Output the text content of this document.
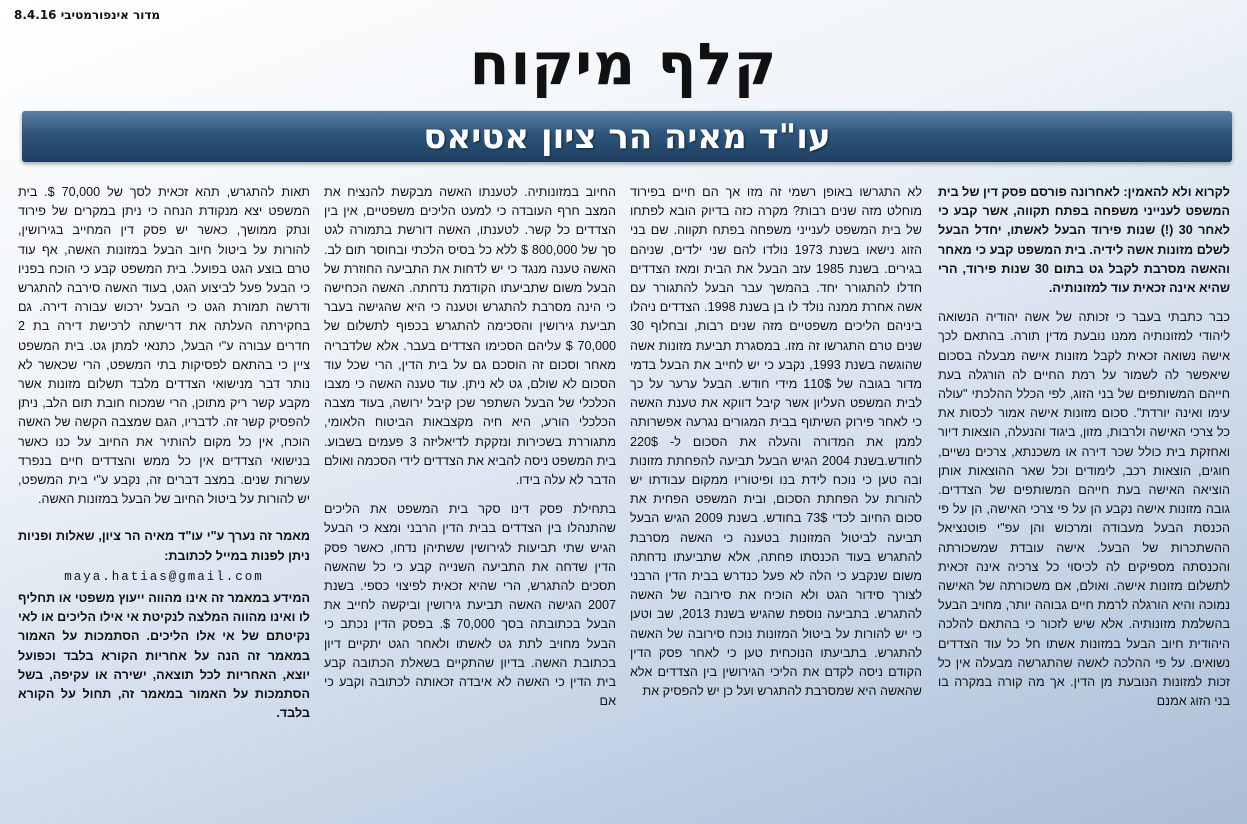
מדור אינפורמטיבי 8.4.16
קלף מיקוח
עו"ד מאיה הר ציון אטיאס

לקרוא ולא להאמין: לאחרונה פורסם פסק דין של בית המשפט לענייני משפחה בפתח תקווה, אשר קבע כי לאחר 30 (!) שנות פירוד הבעל לאשתו, יחדל הבעל לשלם מזונות אשה לידיה. בית המשפט קבע כי מאחר והאשה מסרבת לקבל גט בתום 30 שנות פירוד, הרי שהיא אינה זכאית עוד למזונותיה.

כבר כתבתי בעבר כי זכותה של אשה יהודיה הנשואה ליהודי למזונותיה ממנו נובעת מדין תורה. בהתאם לכך אישה נשואה זכאית לקבל מזונות אישה מבעלה בסכום שיאפשר לה לשמור על רמת החיים לה הורגלה בעת חייהם המשותפים של בני הזוג, לפי הכלל ההלכתי "עולה עימו ואינה יורדת". סכום מזונות אישה אמור לכסות את כל צרכי האישה ולרבות, מזון, ביגוד והנעלה, הוצאות דיור ואחזקת בית כולל שכר דירה או משכנתא, צרכים נשיים, חוגים, הוצאות רכב, לימודים וכל שאר ההוצאות אותן הוציאה האישה בעת חייהם המשותפים של הצדדים. גובה מזונות אישה נקבע הן על פי צרכי האישה, הן על פי הכנסת הבעל מעבודה ומרכוש והן עפ"י פוטנציאל ההשתכרות של הבעל. אישה עובדת שמשכורתה והכנסתה מספיקים לה לכיסוי כל צרכיה אינה זכאית לתשלום מזונות אישה. ואולם, אם משכורתה של האישה נמוכה והיא הורגלה לרמת חיים גבוהה יותר, מחויב הבעל בהשלמת מזונותיה. אלא שיש לזכור כי בהתאם להלכה היהודית חיוב הבעל במזונות אשתו חל כל עוד הצדדים נשואים. על פי ההלכה לאשה שהתגרשה מבעלה אין כל זכות למזונות הנובעת מן הדין. אך מה קורה במקרה בו בני הזוג אמנם

לא התגרשו באופן רשמי זה מזו אך הם חיים בפירוד מוחלט מזה שנים רבות? מקרה כזה בדיוק הובא לפתחו של בית המשפט לענייני משפחה בפתח תקווה. שם בני הזוג נישאו בשנת 1973 נולדו להם שני ילדים, שניהם בגירים. בשנת 1985 עזב הבעל את הבית ומאז הצדדים חדלו להתגורר יחד. בהמשך עבר הבעל להתגורר עם אשה אחרת ממנה נולד לו בן בשנת 1998. הצדדים ניהלו ביניהם הליכים משפטיים מזה שנים רבות, ובחלוף 30 שנים טרם התגרשו זה מזו. במסגרת תביעת מזונות אשה שהוגשה בשנת 1993, נקבע כי יש לחייב את הבעל בדמי מדור בגובה של 110$ מידי חודש. הבעל ערער על כך לבית המשפט העליון אשר קיבל דווקא את טענת האשה כי לאחר פירוק השיתוף בבית המגורים נגרעה אפשרותה לממן את המדורה והעלה את הסכום ל- 220$ לחודש.בשנת 2004 הגיש הבעל תביעה להפחתת מזונות ובה טען כי נוכח לידת בנו ופיטוריו ממקום עבודתו יש להורות על הפחתת הסכום, ובית המשפט הפחית את סכום החיוב לכדי 73$ בחודש. בשנת 2009 הגיש הבעל תביעה לביטול המזונות בטענה כי האשה מסרבת להתגרש בעוד הכנסתו פחתה, אלא שתביעתו נדחתה משום שנקבע כי הלה לא פעל כנדרש בבית הדין הרבני לצורך סידור הגט ולא הוכיח את סירובה של האשה להתגרש. בתביעה נוספת שהגיש בשנת 2013, שב וטען כי יש להורות על ביטול המזונות נוכח סירובה של האשה להתגרש. בתביעתו הנוכחית טען כי לאחר פסק הדין הקודם ניסה לקדם את הליכי הגירושין בין הצדדים אלא שהאשה היא שמסרבת להתגרש ועל כן יש להפסיק את

החיוב במזונותיה. לטענתו האשה מבקשת להנציח את המצב חרף העובדה כי למעט הליכים משפטיים, אין בין הצדדים כל קשר. לטענתו, האשה דורשת בתמורה לגט סך של 800,000 $ ללא כל בסיס הלכתי ובחוסר תום לב. האשה טענה מנגד כי יש לדחות את התביעה החוזרת של הבעל משום שתביעתו הקודמת נדחתה. האשה הכחישה כי הינה מסרבת להתגרש וטענה כי היא שהגישה בעבר תביעת גירושין והסכימה להתגרש בכפוף לתשלום של 70,000 $ עליהם הסכימו הצדדים בעבר. אלא שלדבריה מאחר וסכום זה הוסכם גם על בית הדין, הרי שכל עוד הסכום לא שולם, גט לא ניתן. עוד טענה האשה כי מצבו הכלכלי של הבעל השתפר שכן קיבל ירושה, בעוד מצבה הכלכלי הורע, היא חיה מקצבאות הביטוח הלאומי, מתגוררת בשכירות ונזקקת לדיאליזה 3 פעמים בשבוע. בית המשפט ניסה להביא את הצדדים לידי הסכמה ואולם הדבר לא עלה בידו.

בתחילת פסק דינו סקר בית המשפט את הליכים שהתנהלו בין הצדדים בבית הדין הרבני ומצא כי הבעל הגיש שתי תביעות לגירושין ששתיהן נדחו, כאשר פסק הדין שדחה את התביעה השנייה קבע כי כל שהאשה תסכים להתגרש, הרי שהיא זכאית לפיצוי כספי. בשנת 2007 הגישה האשה תביעת גירושין וביקשה לחייב את הבעל בכתובתה בסך 70,000 $. בפסק הדין נכתב כי הבעל מחויב לתת גט לאשתו ולאחר הגט יתקיים דיון בכתובת האשה. בדיון שהתקיים בשאלת הכתובה קבע בית הדין כי האשה לא איבדה זכאותה לכתובה וקבע כי אם

תאות להתגרש, תהא זכאית לסך של 70,000 $. בית המשפט יצא מנקודת הנחה כי ניתן במקרים של פירוד ונתק ממושך, כאשר יש פסק דין המחייב בגירושין, להורות על ביטול חיוב הבעל במזונות האשה, אף עוד טרם בוצע הגט בפועל. בית המשפט קבע כי הוכח בפניו כי הבעל פעל לביצוע הגט, בעוד האשה סירבה להתגרש ודרשה תמורת הגט כי הבעל ירכוש עבורה דירה. גם בחקירתה העלתה את דרישתה לרכישת דירה בת 2 חדרים עבורה ע"י הבעל, כתנאי למתן גט. בית המשפט ציין כי בהתאם לפסיקות בתי המשפט, הרי שכאשר לא נותר דבר מנישואי הצדדים מלבד תשלום מזונות אשר מקבע קשר ריק מתוכן, הרי שמכוח חובת תום הלב, ניתן להפסיק קשר זה. לדבריו, הגם שמצבה הקשה של האשה הוכח, אין כל מקום להותיר את החיוב על כנו כאשר בנישואי הצדדים אין כל ממש והצדדים חיים בנפרד עשרות שנים. במצב דברים זה, נקבע ע"י בית המשפט, יש להורות על ביטול החיוב של הבעל במזונות האשה.

מאמר זה נערך ע"י עו"ד מאיה הר ציון, שאלות ופניות ניתן לפנות במייל לכתובת:

maya.hatias@gmail.com

המידע במאמר זה אינו מהווה ייעוץ משפטי או תחליף לו ואינו מהווה המלצה לנקיטת אי אילו הליכים או לאי נקיטתם של אי אלו הליכים. הסתמכות על האמור במאמר זה הנה על אחריות הקורא בלבד וכפועל יוצא, האחריות לכל תוצאה, ישירה או עקיפה, בשל הסתמכות על האמור במאמר זה, תחול על הקורא בלבד.
